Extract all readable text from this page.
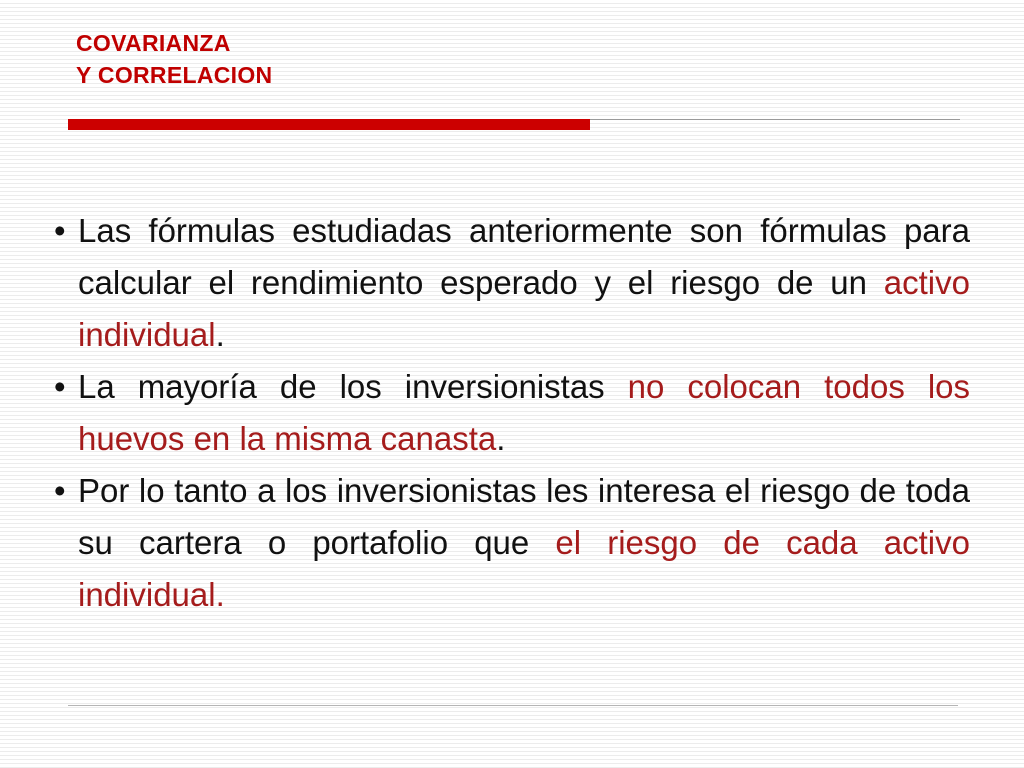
COVARIANZA
Y CORRELACION
• Las fórmulas estudiadas anteriormente son fórmulas para calcular el rendimiento esperado y el riesgo de un activo individual.
• La mayoría de los inversionistas no colocan todos los huevos en la misma canasta.
• Por lo tanto a los inversionistas les interesa el riesgo de toda su cartera o portafolio que el riesgo de cada activo individual.
